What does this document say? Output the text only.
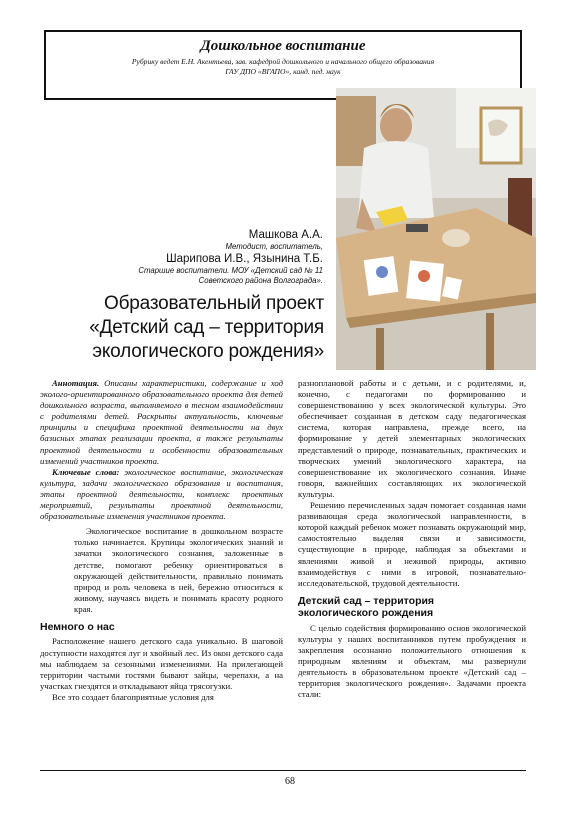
Дошкольное воспитание
Рубрику ведет Е.Н. Акентьева, зав. кафедрой дошкольного и начального общего образования
ГАУ ДПО «ВГАПО», канд. пед. наук
Машкова А.А.
Методист, воспитатель,
Шарипова И.В., Язынина Т.Б.
Старшие воспитатели. МОУ «Детский сад № 11
Советского района Волгограда».
Образовательный проект
«Детский сад – территория
экологического рождения»

Аннотация. Описаны характеристики, содержание и ход эколого-ориентированного образовательного проекта для детей дошкольного возраста, выполняемого в тесном взаимодействии с родителями детей. Раскрыты актуальность, ключевые принципы и специфика проектной деятельности на двух базисных этапах реализации проекта, а также результаты проектной деятельности и особенности образовательных изменений участников проекта.

Ключевые слова: экологическое воспитание, экологическая культура, задачи экологического образования и воспитания, этапы проектной деятельности, комплекс проектных мероприятий, результаты проектной деятельности, образовательные изменения участников проекта.

Экологическое воспитание в дошкольном возрасте только начинается. Крупицы экологических знаний и зачатки экологического сознания, заложенные в детстве, помогают ребенку ориентироваться в окружающей действительности, правильно понимать природ и роль человека в ней, бережно относиться к живому, научаясь видеть и понимать красоту родного края.

Немного о нас

Расположение нашего детского сада уникально. В шаговой доступности находятся луг и хвойный лес. Из окон детского сада мы наблюдаем за сезонными изменениями. На прилегающей территории частыми гостями бывают зайцы, черепахи, а на участках гнездятся и откладывают яйца трясогузки.

Все это создает благоприятные условия для

разноплановой работы и с детьми, и с родителями, и, конечно, с педагогами по формированию и совершенствованию у всех экологической культуры. Это обеспечивает созданная в детском саду педагогическая система, которая направлена, прежде всего, на формирование у детей элементарных экологических представлений о природе, познавательных, практических и творческих умений экологического характера, на совершенствование их экологического сознания. Иначе говоря, важнейших составляющих их экологической культуры.

Решению перечисленных задач помогает созданная нами развивающая среда экологической направленности, в которой каждый ребенок может познавать окружающий мир, самостоятельно выделяя связи и зависимости, существующие в природе, наблюдая за объектами и явлениями живой и неживой природы, активно взаимодействуя с ними в игровой, познавательно-исследовательской, трудовой деятельности.

Детский сад – территория
экологического рождения

С целью содействия формированию основ экологической культуры у наших воспитанников путем пробуждения и закрепления осознанно положительного отношения к природным явлениям и объектам, мы развернули деятельность в образовательном проекте «Детский сад – территория экологического рождения». Задачами проекта стали:

68
